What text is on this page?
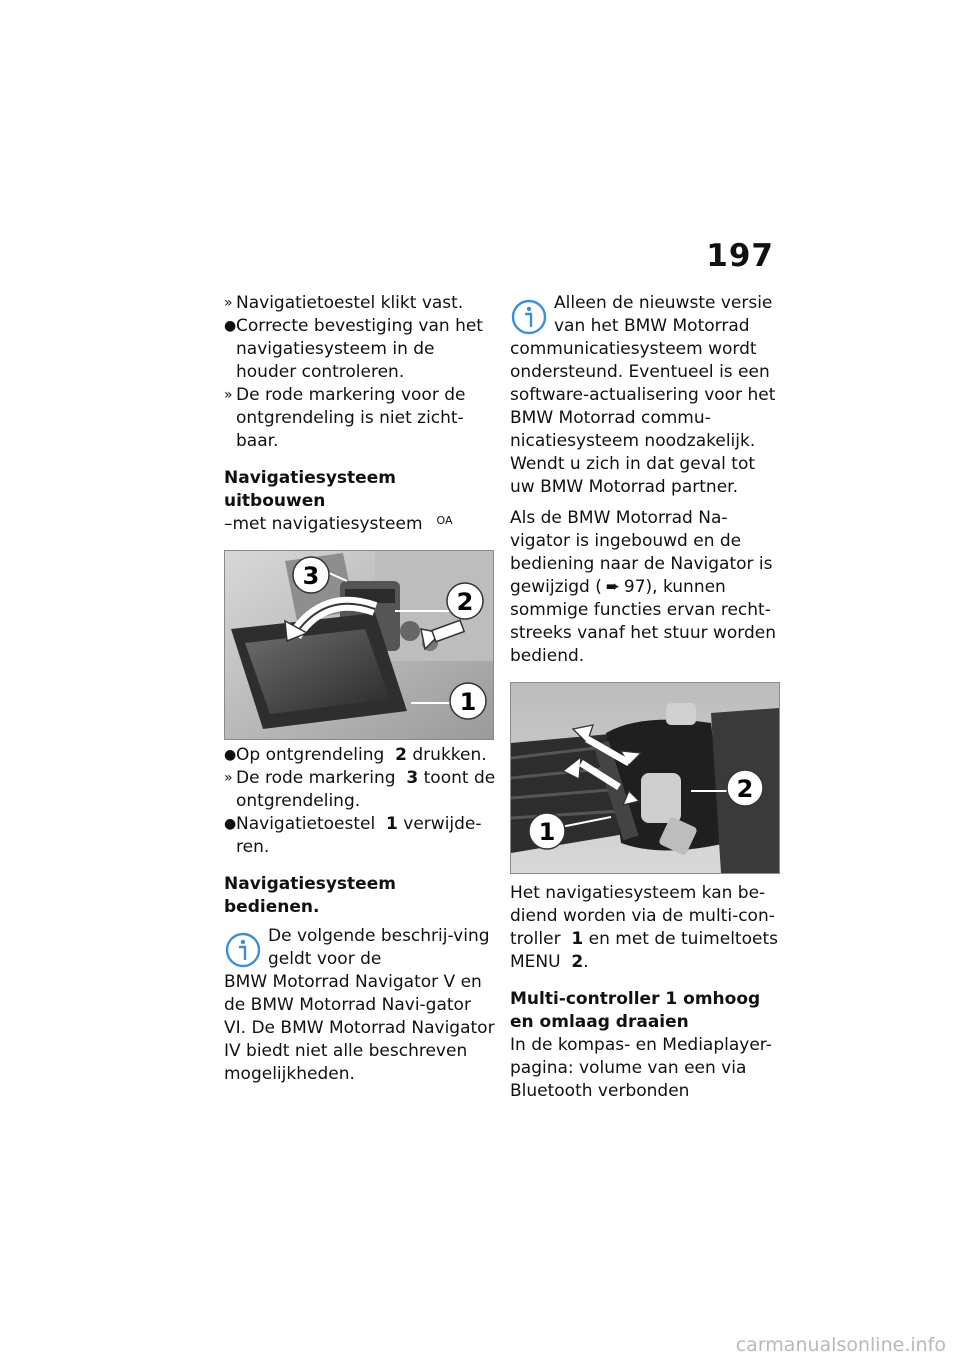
197
» Navigatietoestel klikt vast.
● Correcte bevestiging van het navigatiesysteem in de houder controleren.
» De rode markering voor de ontgrendeling is niet zicht-baar.
Navigatiesysteem uitbouwen
–met navigatiesysteem OA
3
2
1
● Op ontgrendeling 2 drukken.
» De rode markering 3 toont de ontgrendeling.
● Navigatietoestel 1 verwijde-ren.
Navigatiesysteem bedienen.
De volgende beschrij-ving geldt voor de
BMW Motorrad Navigator V en de BMW Motorrad Navi-gator VI. De BMW Motorrad Navigator IV biedt niet alle beschreven mogelijkheden.
Alleen de nieuwste versie van het BMW Motorrad
communicatiesysteem wordt ondersteund. Eventueel is een software-actualisering voor het BMW Motorrad commu-nicatiesysteem noodzakelijk. Wendt u zich in dat geval tot uw BMW Motorrad partner.
Als de BMW Motorrad Na-vigator is ingebouwd en de bediening naar de Navigator is gewijzigd ( ➨ 97), kunnen sommige functies ervan recht-streeks vanaf het stuur worden bediend.
1
2
Het navigatiesysteem kan be-diend worden via de multi-con-troller 1 en met de tuimeltoets MENU 2.
Multi-controller 1 omhoog en omlaag draaien
In de kompas- en Mediaplayer-pagina: volume van een via Bluetooth verbonden
carmanualsonline.info
